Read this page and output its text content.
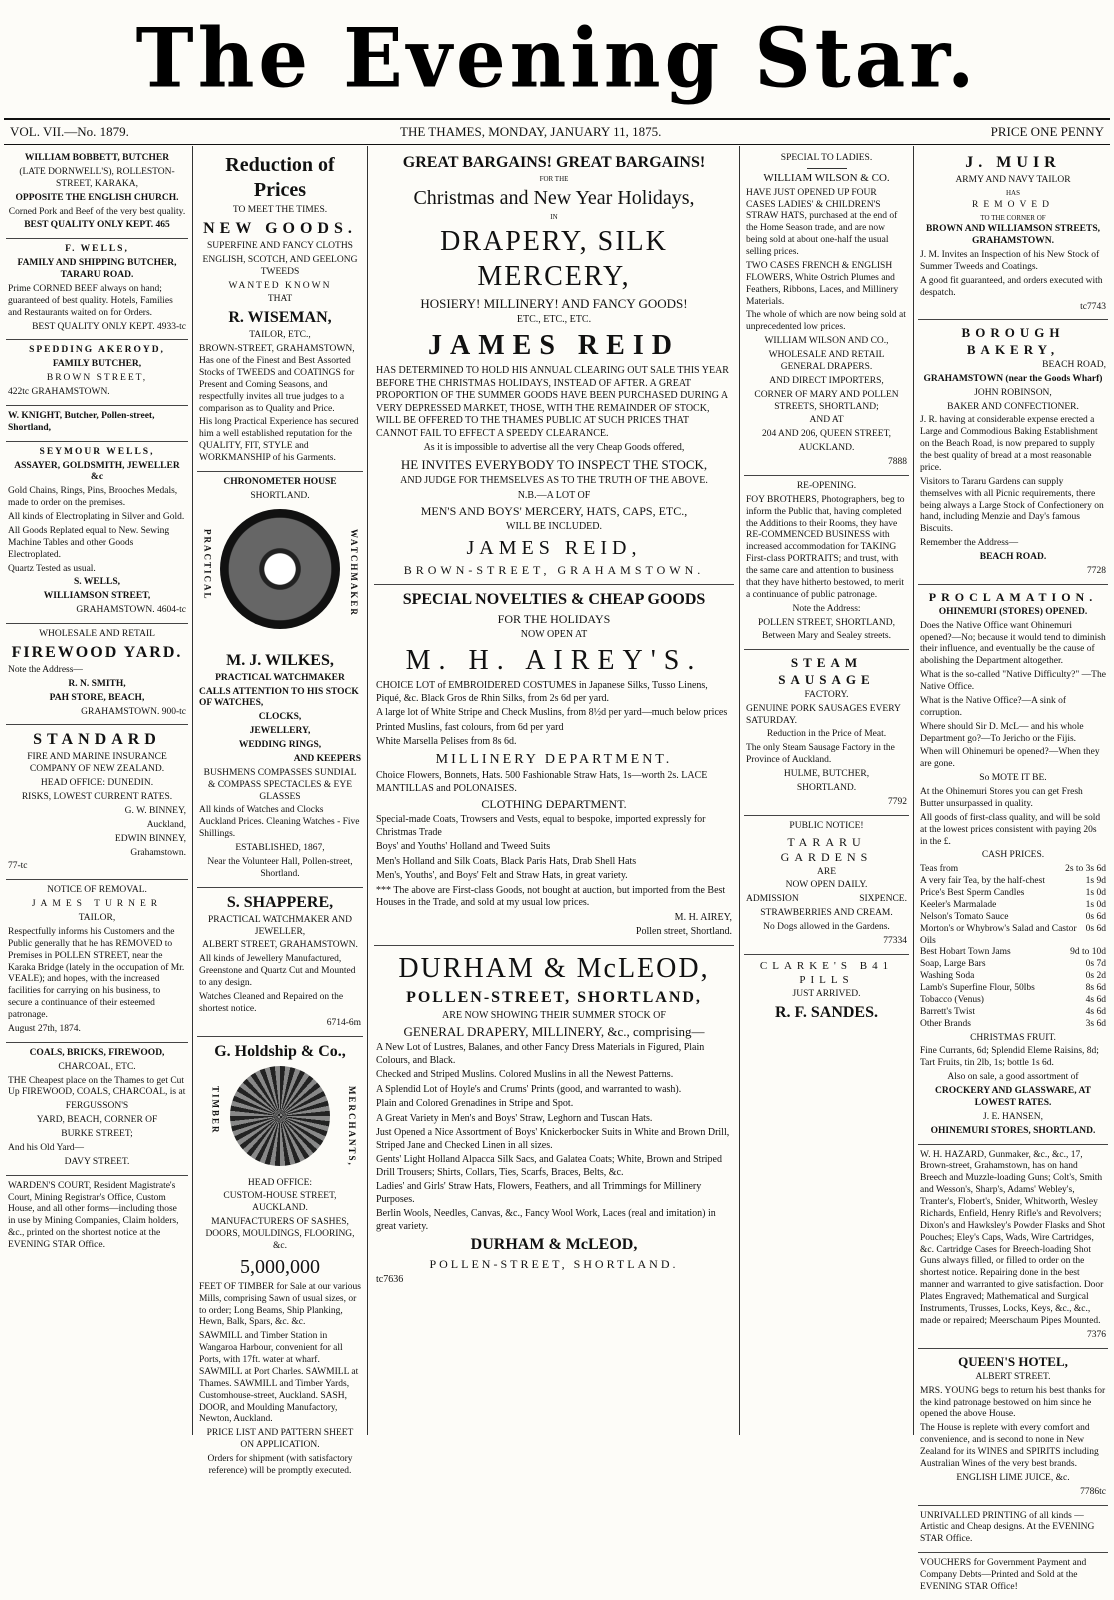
The Evening Star.
VOL. VII.—No. 1879.	THE THAMES, MONDAY, JANUARY 11, 1875.	PRICE ONE PENNY

WILLIAM BOBBETT, BUTCHER

(LATE DORNWELL'S), ROLLESTON-STREET, KARAKA,

OPPOSITE THE ENGLISH CHURCH.

Corned Pork and Beef of the very best quality.

BEST QUALITY ONLY KEPT. 465

F. WELLS,

FAMILY AND SHIPPING BUTCHER, TARARU ROAD.

Prime CORNED BEEF always on hand; guaranteed of best quality. Hotels, Families and Restaurants waited on for Orders.

BEST QUALITY ONLY KEPT. 4933-tc

SPEDDING AKEROYD,

FAMILY BUTCHER,

BROWN STREET,

422tc GRAHAMSTOWN.

W. KNIGHT, Butcher, Pollen-street, Shortland,

SEYMOUR WELLS,

ASSAYER, GOLDSMITH, JEWELLER &c

Gold Chains, Rings, Pins, Brooches Medals, made to order on the premises.

All kinds of Electroplating in Silver and Gold.

All Goods Replated equal to New. Sewing Machine Tables and other Goods Electroplated.

Quartz Tested as usual.

S. WELLS,

WILLIAMSON STREET,

GRAHAMSTOWN. 4604-tc

WHOLESALE AND RETAIL

FIREWOOD YARD.

Note the Address—

R. N. SMITH,

PAH STORE, BEACH,

GRAHAMSTOWN. 900-tc

STANDARD

FIRE AND MARINE INSURANCE COMPANY OF NEW ZEALAND.

HEAD OFFICE: DUNEDIN.

RISKS, LOWEST CURRENT RATES.

G. W. BINNEY,

Auckland,

EDWIN BINNEY,

Grahamstown.

77-tc

NOTICE OF REMOVAL.

JAMES TURNER

TAILOR,

Respectfully informs his Customers and the Public generally that he has REMOVED to Premises in POLLEN STREET, near the Karaka Bridge (lately in the occupation of Mr. VEALE); and hopes, with the increased facilities for carrying on his business, to secure a continuance of their esteemed patronage.

August 27th, 1874.

COALS, BRICKS, FIREWOOD,

CHARCOAL, ETC.

THE Cheapest place on the Thames to get Cut Up FIREWOOD, COALS, CHARCOAL, is at

FERGUSSON'S

YARD, BEACH, CORNER OF

BURKE STREET;

And his Old Yard—

DAVY STREET.

WARDEN'S COURT, Resident Magistrate's Court, Mining Registrar's Office, Custom House, and all other forms—including those in use by Mining Companies, Claim holders, &c., printed on the shortest notice at the EVENING STAR Office.

Reduction of Prices

TO MEET THE TIMES.

NEW GOODS.

SUPERFINE AND FANCY CLOTHS

ENGLISH, SCOTCH, AND GEELONG TWEEDS

WANTED KNOWN

THAT

R. WISEMAN,

TAILOR, ETC.,

BROWN-STREET, GRAHAMSTOWN, Has one of the Finest and Best Assorted Stocks of TWEEDS and COATINGS for Present and Coming Seasons, and respectfully invites all true judges to a comparison as to Quality and Price.

His long Practical Experience has secured him a well established reputation for the QUALITY, FIT, STYLE and WORKMANSHIP of his Garments.

CHRONOMETER HOUSE

SHORTLAND.

PRACTICAL	WATCHMAKER

M. J. WILKES,

PRACTICAL WATCHMAKER

CALLS ATTENTION TO HIS STOCK OF WATCHES,

CLOCKS,

JEWELLERY,

WEDDING RINGS,

AND KEEPERS

BUSHMENS COMPASSES SUNDIAL & COMPASS SPECTACLES & EYE GLASSES

All kinds of Watches and Clocks Auckland Prices. Cleaning Watches - Five Shillings.

ESTABLISHED, 1867,

Near the Volunteer Hall, Pollen-street, Shortland.

S. SHAPPERE,

PRACTICAL WATCHMAKER AND JEWELLER,

ALBERT STREET, GRAHAMSTOWN.

All kinds of Jewellery Manufactured, Greenstone and Quartz Cut and Mounted to any design.

Watches Cleaned and Repaired on the shortest notice.

6714-6m

G. Holdship & Co.,

TIMBER	MERCHANTS,

HEAD OFFICE:

CUSTOM-HOUSE STREET, AUCKLAND.

MANUFACTURERS OF SASHES, DOORS, MOULDINGS, FLOORING, &c.

5,000,000

FEET OF TIMBER for Sale at our various Mills, comprising Sawn of usual sizes, or to order; Long Beams, Ship Planking, Hewn, Balk, Spars, &c. &c.

SAWMILL and Timber Station in Wangaroa Harbour, convenient for all Ports, with 17ft. water at wharf. SAWMILL at Port Charles. SAWMILL at Thames. SAWMILL and Timber Yards, Customhouse-street, Auckland. SASH, DOOR, and Moulding Manufactory, Newton, Auckland.

PRICE LIST AND PATTERN SHEET ON APPLICATION.

Orders for shipment (with satisfactory reference) will be promptly executed.

GREAT BARGAINS! GREAT BARGAINS!

FOR THE

Christmas and New Year Holidays,

IN

DRAPERY, SILK MERCERY,

HOSIERY! MILLINERY! AND FANCY GOODS!

ETC., ETC., ETC.

JAMES REID

HAS DETERMINED TO HOLD HIS ANNUAL CLEARING OUT SALE THIS YEAR BEFORE THE CHRISTMAS HOLIDAYS, INSTEAD OF AFTER. A GREAT PROPORTION OF THE SUMMER GOODS HAVE BEEN PURCHASED DURING A VERY DEPRESSED MARKET, THOSE, WITH THE REMAINDER OF STOCK, WILL BE OFFERED TO THE THAMES PUBLIC AT SUCH PRICES THAT CANNOT FAIL TO EFFECT A SPEEDY CLEARANCE.

As it is impossible to advertise all the very Cheap Goods offered,

HE INVITES EVERYBODY TO INSPECT THE STOCK,

AND JUDGE FOR THEMSELVES AS TO THE TRUTH OF THE ABOVE.

N.B.—A LOT OF

MEN'S AND BOYS' MERCERY, HATS, CAPS, ETC.,

WILL BE INCLUDED.

JAMES REID,

BROWN-STREET, GRAHAMSTOWN.

SPECIAL NOVELTIES & CHEAP GOODS

FOR THE HOLIDAYS

NOW OPEN AT

M. H. AIREY'S.

CHOICE LOT of EMBROIDERED COSTUMES in Japanese Silks, Tusso Linens, Piqué, &c. Black Gros de Rhin Silks, from 2s 6d per yard.

A large lot of White Stripe and Check Muslins, from 8½d per yard—much below prices

Printed Muslins, fast colours, from 6d per yard

White Marsella Pelises from 8s 6d.

MILLINERY DEPARTMENT.

Choice Flowers, Bonnets, Hats. 500 Fashionable Straw Hats, 1s—worth 2s. LACE MANTILLAS and POLONAISES.

CLOTHING DEPARTMENT.

Special-made Coats, Trowsers and Vests, equal to bespoke, imported expressly for Christmas Trade

Boys' and Youths' Holland and Tweed Suits

Men's Holland and Silk Coats, Black Paris Hats, Drab Shell Hats

Men's, Youths', and Boys' Felt and Straw Hats, in great variety.

*** The above are First-class Goods, not bought at auction, but imported from the Best Houses in the Trade, and sold at my usual low prices.

M. H. AIREY,

Pollen street, Shortland.

DURHAM & McLEOD,

POLLEN-STREET, SHORTLAND,

ARE NOW SHOWING THEIR SUMMER STOCK OF

GENERAL DRAPERY, MILLINERY, &c., comprising—

A New Lot of Lustres, Balanes, and other Fancy Dress Materials in Figured, Plain Colours, and Black.

Checked and Striped Muslins. Colored Muslins in all the Newest Patterns.

A Splendid Lot of Hoyle's and Crums' Prints (good, and warranted to wash).

Plain and Colored Grenadines in Stripe and Spot.

A Great Variety in Men's and Boys' Straw, Leghorn and Tuscan Hats.

Just Opened a Nice Assortment of Boys' Knickerbocker Suits in White and Brown Drill, Striped Jane and Checked Linen in all sizes.

Gents' Light Holland Alpacca Silk Sacs, and Galatea Coats; White, Brown and Striped Drill Trousers; Shirts, Collars, Ties, Scarfs, Braces, Belts, &c.

Ladies' and Girls' Straw Hats, Flowers, Feathers, and all Trimmings for Millinery Purposes.

Berlin Wools, Needles, Canvas, &c., Fancy Wool Work, Laces (real and imitation) in great variety.

DURHAM & McLEOD,

POLLEN-STREET, SHORTLAND.

tc7636

SPECIAL TO LADIES.

WILLIAM WILSON & CO.

HAVE JUST OPENED UP FOUR CASES LADIES' & CHILDREN'S STRAW HATS, purchased at the end of the Home Season trade, and are now being sold at about one-half the usual selling prices.

TWO CASES FRENCH & ENGLISH FLOWERS, White Ostrich Plumes and Feathers, Ribbons, Laces, and Millinery Materials.

The whole of which are now being sold at unprecedented low prices.

WILLIAM WILSON AND CO.,

WHOLESALE AND RETAIL GENERAL DRAPERS.

AND DIRECT IMPORTERS,

CORNER OF MARY AND POLLEN STREETS, SHORTLAND;

AND AT

204 AND 206, QUEEN STREET,

AUCKLAND.

7888

RE-OPENING.

FOY BROTHERS, Photographers, beg to inform the Public that, having completed the Additions to their Rooms, they have RE-COMMENCED BUSINESS with increased accommodation for TAKING First-class PORTRAITS; and trust, with the same care and attention to business that they have hitherto bestowed, to merit a continuance of public patronage.

Note the Address:

POLLEN STREET, SHORTLAND,

Between Mary and Sealey streets.

STEAM SAUSAGE

FACTORY.

GENUINE PORK SAUSAGES EVERY SATURDAY.

Reduction in the Price of Meat.

The only Steam Sausage Factory in the Province of Auckland.

HULME, BUTCHER,

SHORTLAND.

7792

PUBLIC NOTICE!

TARARU GARDENS

ARE

NOW OPEN DAILY.

ADMISSION	SIXPENCE.

STRAWBERRIES AND CREAM.

No Dogs allowed in the Gardens.

77334

CLARKE'S B41 PILLS

JUST ARRIVED.

R. F. SANDES.

J. MUIR

ARMY AND NAVY TAILOR

HAS

REMOVED

TO THE CORNER OF

BROWN AND WILLIAMSON STREETS, GRAHAMSTOWN.

J. M. Invites an Inspection of his New Stock of Summer Tweeds and Coatings.

A good fit guaranteed, and orders executed with despatch.

tc7743

BOROUGH BAKERY,

BEACH ROAD,

GRAHAMSTOWN (near the Goods Wharf)

JOHN ROBINSON,

BAKER AND CONFECTIONER.

J. R. having at considerable expense erected a Large and Commodious Baking Establishment on the Beach Road, is now prepared to supply the best quality of bread at a most reasonable price.

Visitors to Tararu Gardens can supply themselves with all Picnic requirements, there being always a Large Stock of Confectionery on hand, including Menzie and Day's famous Biscuits.

Remember the Address—

BEACH ROAD.

7728

PROCLAMATION.

OHINEMURI (STORES) OPENED.

Does the Native Office want Ohinemuri opened?—No; because it would tend to diminish their influence, and eventually be the cause of abolishing the Department altogether.

What is the so-called "Native Difficulty?" —The Native Office.

What is the Native Office?—A sink of corruption.

Where should Sir D. McL— and his whole Department go?—To Jericho or the Fijis.

When will Ohinemuri be opened?—When they are gone.

So MOTE IT BE.

At the Ohinemuri Stores you can get Fresh Butter unsurpassed in quality.

All goods of first-class quality, and will be sold at the lowest prices consistent with paying 20s in the £.

CASH PRICES.

Teas from	2s to 3s 6d
A very fair Tea, by the half-chest	1s 9d
Price's Best Sperm Candles	1s 0d
Keeler's Marmalade	1s 0d
Nelson's Tomato Sauce	0s 6d
Morton's or Whybrow's Salad and Castor Oils
0s 6d
Best Hobart Town Jams	9d to 10d
Soap, Large Bars	0s 7d
Washing Soda	0s 2d
Lamb's Superfine Flour, 50lbs	8s 6d
Tobacco (Venus)	4s 6d
Barrett's Twist	4s 6d
Other Brands	3s 6d

CHRISTMAS FRUIT.

Fine Currants, 6d; Splendid Eleme Raisins, 8d; Tart Fruits, tin 2lb, 1s; bottle 1s 6d.

Also on sale, a good assortment of

CROCKERY AND GLASSWARE, AT LOWEST RATES.

J. E. HANSEN,

OHINEMURI STORES, SHORTLAND.

W. H. HAZARD, Gunmaker, &c., &c., 17, Brown-street, Grahamstown, has on hand Breech and Muzzle-loading Guns; Colt's, Smith and Wesson's, Sharp's, Adams' Webley's, Tranter's, Flobert's, Snider, Whitworth, Wesley Richards, Enfield, Henry Rifle's and Revolvers; Dixon's and Hawksley's Powder Flasks and Shot Pouches; Eley's Caps, Wads, Wire Cartridges, &c. Cartridge Cases for Breech-loading Shot Guns always filled, or filled to order on the shortest notice. Repairing done in the best manner and warranted to give satisfaction. Door Plates Engraved; Mathematical and Surgical Instruments, Trusses, Locks, Keys, &c., &c., made or repaired; Meerschaum Pipes Mounted.

7376

QUEEN'S HOTEL,

ALBERT STREET.

MRS. YOUNG begs to return his best thanks for the kind patronage bestowed on him since he opened the above House.

The House is replete with every comfort and convenience, and is second to none in New Zealand for its WINES and SPIRITS including Australian Wines of the very best brands.

ENGLISH LIME JUICE, &c.

7786tc

UNRIVALLED PRINTING of all kinds —Artistic and Cheap designs. At the EVENING STAR Office.

VOUCHERS for Government Payment and Company Debts—Printed and Sold at the EVENING STAR Office!
